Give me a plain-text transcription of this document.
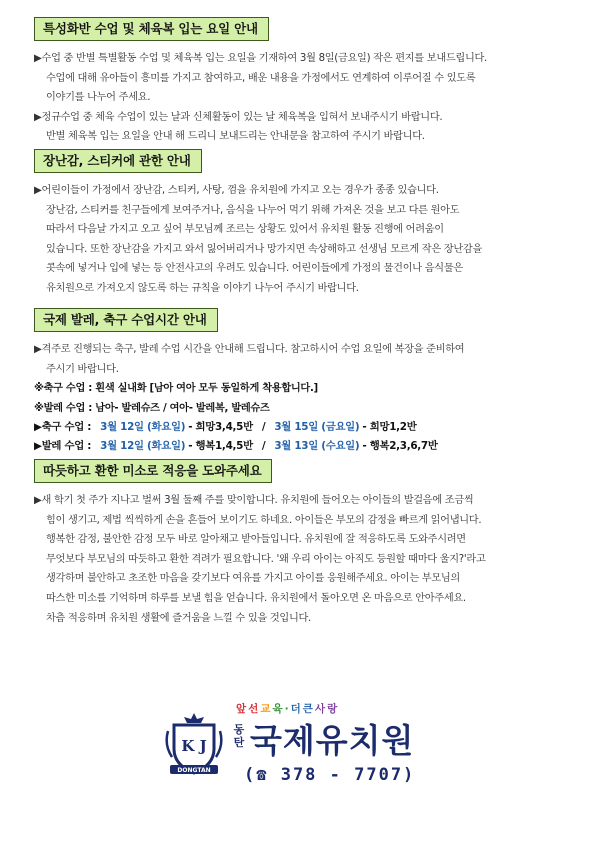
특성화반 수업 및 체육복 입는 요일 안내
▶수업 중 반별 특별활동 수업 및 체육복 입는 요일을 기재하여 3월 8일(금요일) 작은 편지를 보내드립니다.
수업에 대해 유아들이 흥미를 가지고 참여하고, 배운 내용을 가정에서도 연계하여 이루어질 수 있도록
이야기를 나누어 주세요.
▶정규수업 중 체육 수업이 있는 날과 신체활동이 있는 날 체육복을 입혀서 보내주시기 바랍니다.
반별 체육복 입는 요일을 안내 해 드리니 보내드리는 안내문을 참고하여 주시기 바랍니다.
장난감, 스티커에 관한 안내
▶어린이들이 가정에서 장난감, 스티커, 사탕, 껌을 유치원에 가지고 오는 경우가 종종 있습니다.
장난감, 스티커를 친구들에게 보여주거나, 음식을 나누어 먹기 위해 가져온 것을 보고 다른 원아도
따라서 다음날 가지고 오고 싶어 부모님께 조르는 상황도 있어서 유치원 활동 진행에 어려움이
있습니다. 또한 장난감을 가지고 와서 잃어버리거나 망가지면 속상해하고 선생님 모르게 작은 장난감을
콧속에 넣거나 입에 넣는 등 안전사고의 우려도 있습니다. 어린이들에게 가정의 물건이나 음식물은
유치원으로 가져오지 않도록 하는 규칙을 이야기 나누어 주시기 바랍니다.
국제 발레, 축구 수업시간 안내
▶격주로 진행되는 축구, 발레 수업 시간을 안내해 드립니다. 참고하시어 수업 요일에 복장을 준비하여
주시기 바랍니다.
※축구 수업 : 흰색 실내화 [남아 여아 모두 동일하게 착용합니다.]
※발레 수업 : 남아- 발레슈즈 / 여아- 발레복, 발레슈즈
▶축구 수업 : 3월 12일 (화요일) - 희망3,4,5반 / 3월 15일 (금요일) - 희망1,2반
▶발레 수업 : 3월 12일 (화요일) - 행복1,4,5반 / 3월 13일 (수요일) - 행복2,3,6,7반
따듯하고 환한 미소로 적응을 도와주세요
▶새 학기 첫 주가 지나고 벌써 3월 둘째 주를 맞이합니다. 유치원에 들어오는 아이들의 발걸음에 조금씩
힘이 생기고, 제법 씩씩하게 손을 흔들어 보이기도 하네요. 아이들은 부모의 감정을 빠르게 읽어냅니다.
행복한 감정, 불안한 감정 모두 바로 알아채고 받아들입니다. 유치원에 잘 적응하도록 도와주시려면
무엇보다 부모님의 따듯하고 환한 격려가 필요합니다. '왜 우리 아이는 아직도 등원할 때마다 울지?'라고
생각하며 불안하고 초조한 마음을 갖기보다 여유를 가지고 아이를 응원해주세요. 아이는 부모님의
따스한 미소를 기억하며 하루를 보낼 힘을 얻습니다. 유치원에서 돌아오면 온 마음으로 안아주세요.
차츰 적응하며 유치원 생활에 즐거움을 느낄 수 있을 것입니다.
앞선교육·더큰사랑
K J
DONGTAN
동
탄 국제유치원
(☎ 378 - 7707)
